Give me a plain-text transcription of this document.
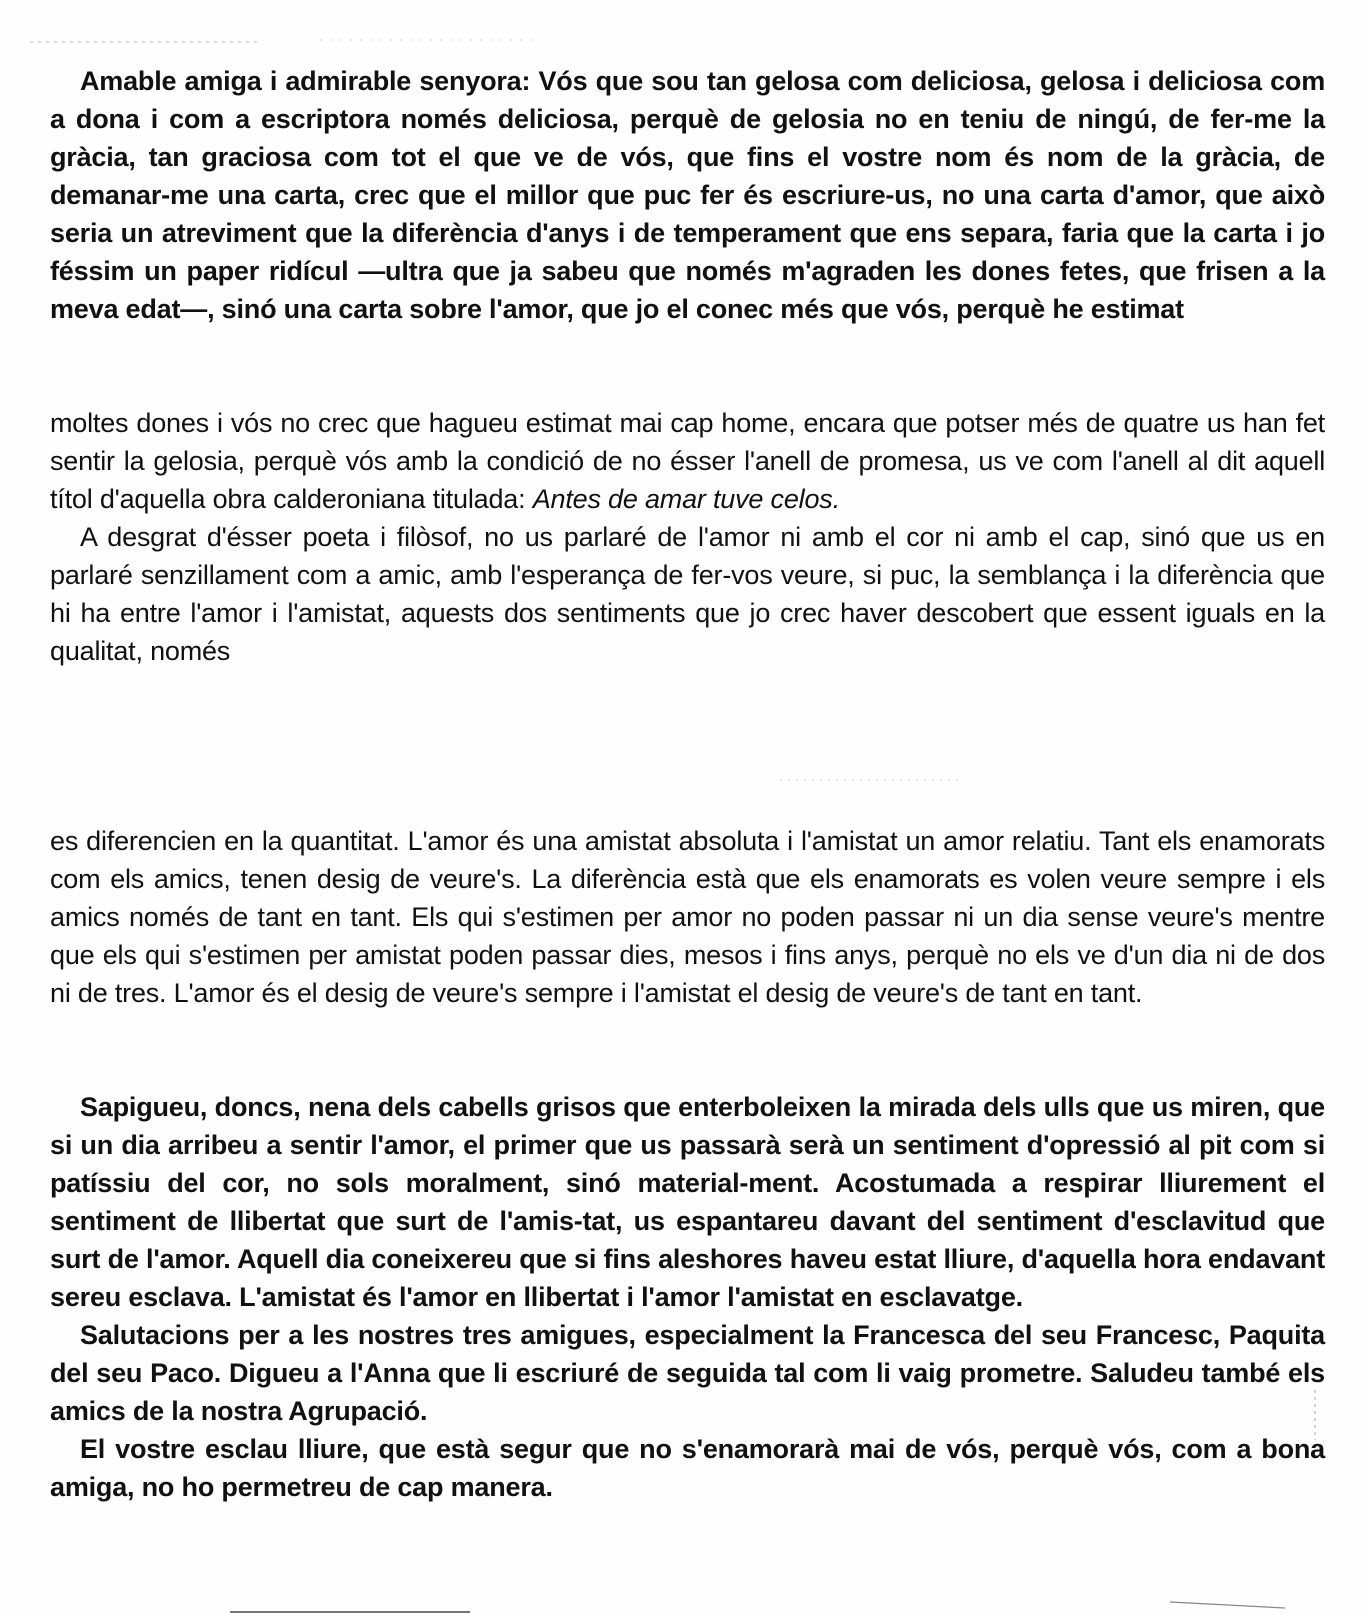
Amable amiga i admirable senyora: Vós que sou tan gelosa com deliciosa, gelosa i deliciosa com a dona i com a escriptora només deliciosa, perquè de gelosia no en teniu de ningú, de fer-me la gràcia, tan graciosa com tot el que ve de vós, que fins el vostre nom és nom de la gràcia, de demanar-me una carta, crec que el millor que puc fer és escriure-us, no una carta d'amor, que això seria un atreviment que la diferència d'anys i de temperament que ens separa, faria que la carta i jo féssim un paper ridícul —ultra que ja sabeu que només m'agraden les dones fetes, que frisen a la meva edat—, sinó una carta sobre l'amor, que jo el conec més que vós, perquè he estimat

moltes dones i vós no crec que hagueu estimat mai cap home, encara que potser més de quatre us han fet sentir la gelosia, perquè vós amb la condició de no ésser l'anell de promesa, us ve com l'anell al dit aquell títol d'aquella obra calderoniana titulada: Antes de amar tuve celos.

A desgrat d'ésser poeta i filòsof, no us parlaré de l'amor ni amb el cor ni amb el cap, sinó que us en parlaré senzillament com a amic, amb l'esperança de fer-vos veure, si puc, la semblança i la diferència que hi ha entre l'amor i l'amistat, aquests dos sentiments que jo crec haver descobert que essent iguals en la qualitat, només

es diferencien en la quantitat. L'amor és una amistat absoluta i l'amistat un amor relatiu. Tant els enamorats com els amics, tenen desig de veure's. La diferència està que els enamorats es volen veure sempre i els amics només de tant en tant. Els qui s'estimen per amor no poden passar ni un dia sense veure's mentre que els qui s'estimen per amistat poden passar dies, mesos i fins anys, perquè no els ve d'un dia ni de dos ni de tres. L'amor és el desig de veure's sempre i l'amistat el desig de veure's de tant en tant.

Sapigueu, doncs, nena dels cabells grisos que enterboleixen la mirada dels ulls que us miren, que si un dia arribeu a sentir l'amor, el primer que us passarà serà un sentiment d'opressió al pit com si patíssiu del cor, no sols moralment, sinó material-ment. Acostumada a respirar lliurement el sentiment de llibertat que surt de l'amis-tat, us espantareu davant del sentiment d'esclavitud que surt de l'amor. Aquell dia coneixereu que si fins aleshores haveu estat lliure, d'aquella hora endavant sereu esclava. L'amistat és l'amor en llibertat i l'amor l'amistat en esclavatge.

Salutacions per a les nostres tres amigues, especialment la Francesca del seu Francesc, Paquita del seu Paco. Digueu a l'Anna que li escriuré de seguida tal com li vaig prometre. Saludeu també els amics de la nostra Agrupació.

El vostre esclau lliure, que està segur que no s'enamorarà mai de vós, perquè vós, com a bona amiga, no ho permetreu de cap manera.
